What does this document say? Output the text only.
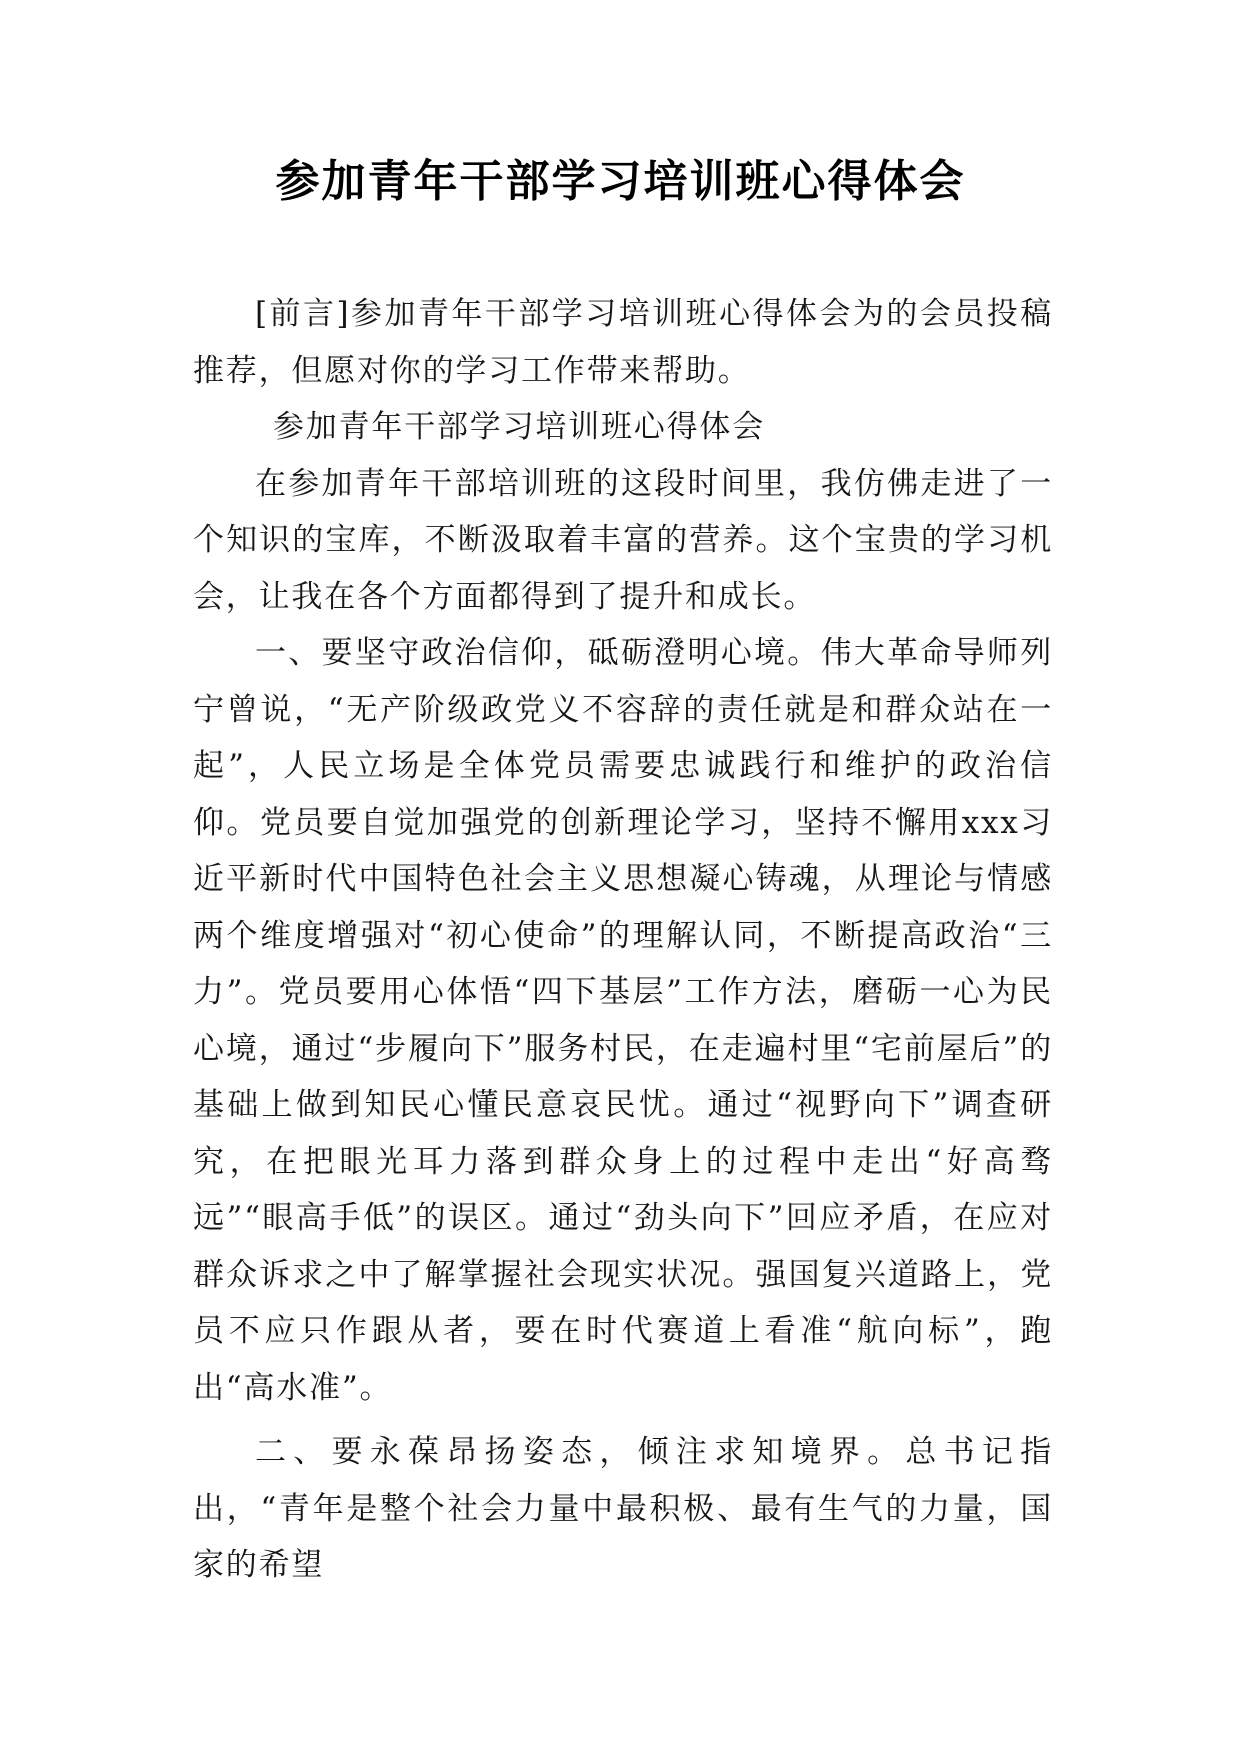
参加青年干部学习培训班心得体会

[前言]参加青年干部学习培训班心得体会为的会员投稿推荐，但愿对你的学习工作带来帮助。

参加青年干部学习培训班心得体会

在参加青年干部培训班的这段时间里，我仿佛走进了一个知识的宝库，不断汲取着丰富的营养。这个宝贵的学习机会，让我在各个方面都得到了提升和成长。

一、要坚守政治信仰，砥砺澄明心境。伟大革命导师列宁曾说，“无产阶级政党义不容辞的责任就是和群众站在一起”，人民立场是全体党员需要忠诚践行和维护的政治信仰。党员要自觉加强党的创新理论学习，坚持不懈用xxx习近平新时代中国特色社会主义思想凝心铸魂，从理论与情感两个维度增强对“初心使命”的理解认同，不断提高政治“三力”。党员要用心体悟“四下基层”工作方法，磨砺一心为民心境，通过“步履向下”服务村民，在走遍村里“宅前屋后”的基础上做到知民心懂民意哀民忧。通过“视野向下”调查研究，在把眼光耳力落到群众身上的过程中走出“好高骛远”“眼高手低”的误区。通过“劲头向下”回应矛盾，在应对群众诉求之中了解掌握社会现实状况。强国复兴道路上，党员不应只作跟从者，要在时代赛道上看准“航向标”，跑出“高水准”。

二、要永葆昂扬姿态，倾注求知境界。总书记指出，“青年是整个社会力量中最积极、最有生气的力量，国家的希望
